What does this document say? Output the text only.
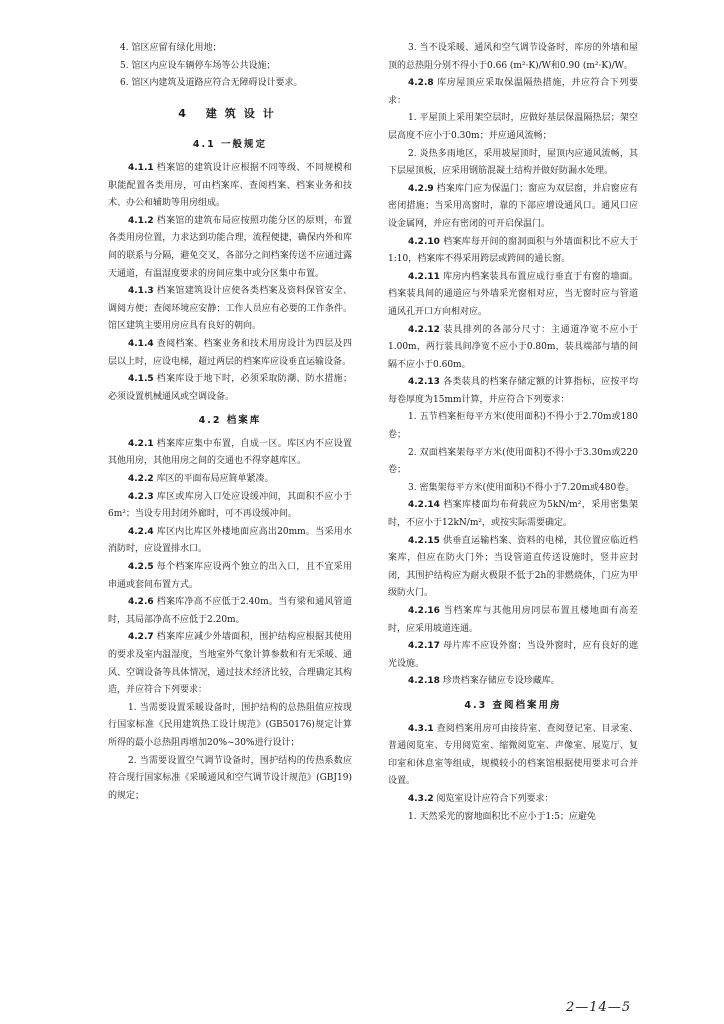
4. 馆区应留有绿化用地；

5. 馆区内应设车辆停车场等公共设施；

6. 馆区内建筑及道路应符合无障碍设计要求。

4 建筑设计
4.1 一般规定

4.1.1 档案馆的建筑设计应根据不同等级、不同规模和职能配置各类用房，可由档案库、查阅档案、档案业务和技术、办公和辅助等用房组成。

4.1.2 档案馆的建筑布局应按照功能分区的原则，布置各类用房位置，力求达到功能合理，流程便捷，确保内外和库间的联系与分隔，避免交叉，各部分之间档案传送不应通过露天通道，有温湿度要求的房间应集中或分区集中布置。

4.1.3 档案馆建筑设计应使各类档案及资料保管安全、调阅方便；查阅环境应安静；工作人员应有必要的工作条件。馆区建筑主要用房应具有良好的朝向。

4.1.4 查阅档案、档案业务和技术用房设计为四层及四层以上时，应设电梯，超过两层的档案库应设垂直运输设备。

4.1.5 档案库设于地下时，必须采取防潮、防水措施；必须设置机械通风或空调设备。

4.2 档案库

4.2.1 档案库应集中布置，自成一区。库区内不应设置其他用房，其他用房之间的交通也不得穿越库区。

4.2.2 库区的平面布局应简单紧凑。

4.2.3 库区或库房入口处应设缓冲间，其面积不应小于6m²；当设专用封闭外廊时，可不再设缓冲间。

4.2.4 库区内比库区外楼地面应高出20mm。当采用水消防时，应设置排水口。

4.2.5 每个档案库应设两个独立的出入口，且不宜采用串通或套间布置方式。

4.2.6 档案库净高不应低于2.40m。当有梁和通风管道时，其局部净高不应低于2.20m。

4.2.7 档案库应减少外墙面积，围护结构应根据其使用的要求及室内温湿度，当地室外气象计算参数和有无采暖、通风、空调设备等具体情况，通过技术经济比较，合理确定其构造，并应符合下列要求：

1. 当需要设置采暖设备时，围护结构的总热阻值应按现行国家标准《民用建筑热工设计规范》(GB50176)规定计算所得的最小总热阻再增加20%~30%进行设计；

2. 当需要设置空气调节设备时，围护结构的传热系数应符合现行国家标准《采暖通风和空气调节设计规范》(GBJ19)的规定；

3. 当不设采暖、通风和空气调节设备时，库房的外墙和屋顶的总热阻分别不得小于0.66 (m²·K)/W和0.90 (m²·K)/W。

4.2.8 库房屋顶应采取保温隔热措施，并应符合下列要求：

1. 平屋顶上采用架空层时，应做好基层保温隔热层；架空层高度不应小于0.30m；并应通风流畅；

2. 炎热多雨地区，采用坡屋顶时，屋顶内应通风流畅，其下层屋顶板，应采用钢筋混凝土结构并做好防漏水处理。

4.2.9 档案库门应为保温门；窗应为双层窗，并启窗应有密闭措施；当采用高窗时，靠的下部应增设通风口。通风口应设金属网，并应有密闭的可开启保温门。

4.2.10 档案库每开间的窗洞面积与外墙面积比不应大于1:10，档案库不得采用跨层或跨间的通长窗。

4.2.11 库房内档案装具布置应成行垂直于有窗的墙面。档案装具间的通道应与外墙采光窗相对应，当无窗时应与管道通风孔开口方向相对应。

4.2.12 装具排列的各部分尺寸：主通道净宽不应小于1.00m，两行装具间净宽不应小于0.80m，装具端部与墙的间隔不应小于0.60m。

4.2.13 各类装具的档案存储定额的计算指标，应按平均每卷厚度为15mm计算，并应符合下列要求：

1. 五节档案柜每平方米(使用面积)不得小于2.70m或180卷；

2. 双面档案架每平方米(使用面积)不得小于3.30m或220卷；

3. 密集架每平方米(使用面积)不得小于7.20m或480卷。

4.2.14 档案库楼面均布荷载应为5kN/m²，采用密集架时，不应小于12kN/m²，或按实际需要确定。

4.2.15 供垂直运输档案、资料的电梯，其位置应临近档案库，但应在防火门外；当设管道直传送设施时，竖井应封闭，其围护结构应为耐火极限不低于2h的非燃烧体，门应为甲级防火门。

4.2.16 当档案库与其他用房同层布置且楼地面有高差时，应采用坡道连通。

4.2.17 母片库不应设外窗；当设外窗时，应有良好的遮光设施。

4.2.18 珍贵档案存储应专设珍藏库。

4.3 查阅档案用房

4.3.1 查阅档案用房可由接待室、查阅登记室、目录室、普通阅览室、专用阅览室、缩微阅览室、声像室、展览厅、复印室和休息室等组成，规模较小的档案馆根据使用要求可合并设置。

4.3.2 阅览室设计应符合下列要求：

1. 天然采光的窗地面积比不应小于1:5；应避免

2—14—5
